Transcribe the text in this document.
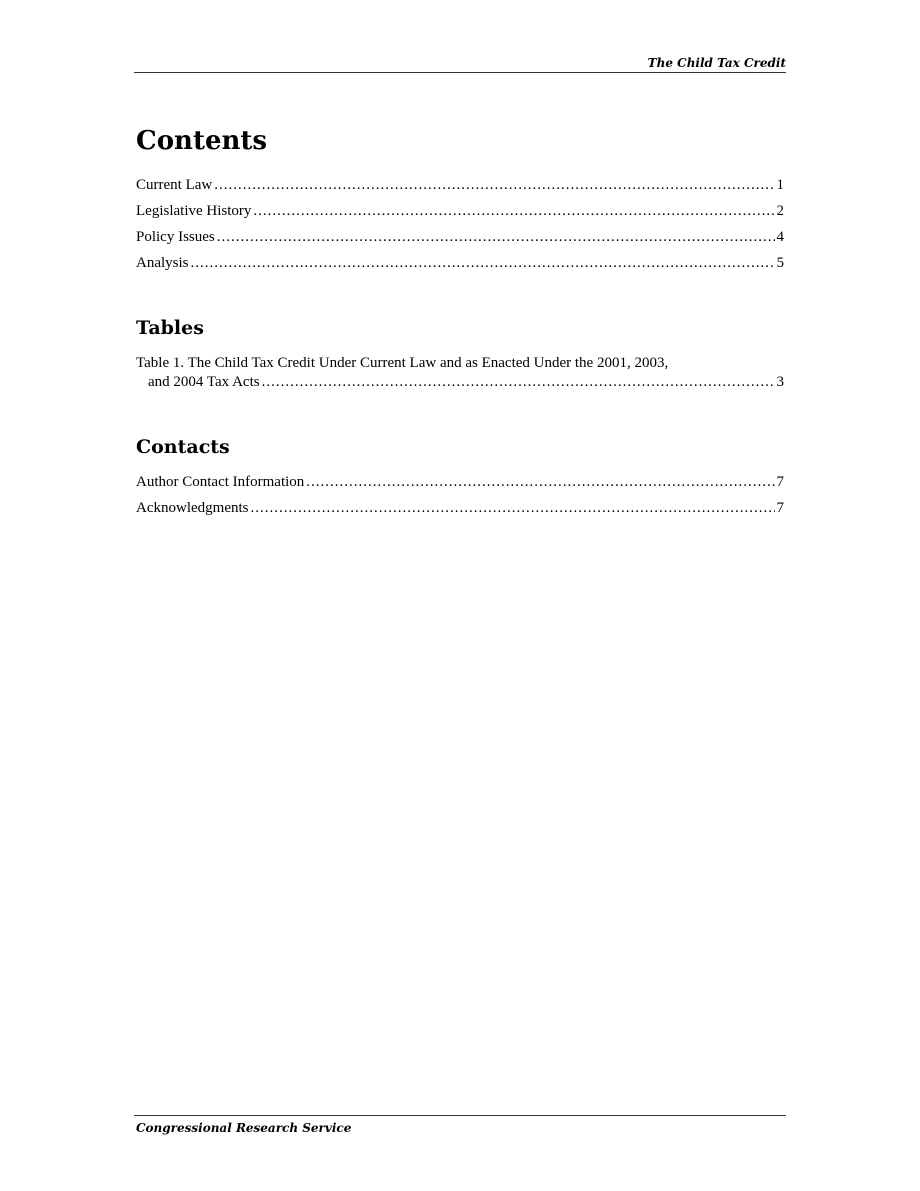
The Child Tax Credit
Contents
Current Law .....	1
Legislative History .....	2
Policy Issues .....	4
Analysis .....	5
Tables
Table 1. The Child Tax Credit Under Current Law and as Enacted Under the 2001, 2003,
and 2004 Tax Acts .....	3
Contacts
Author Contact Information .....	7
Acknowledgments .....	7
Congressional Research Service
